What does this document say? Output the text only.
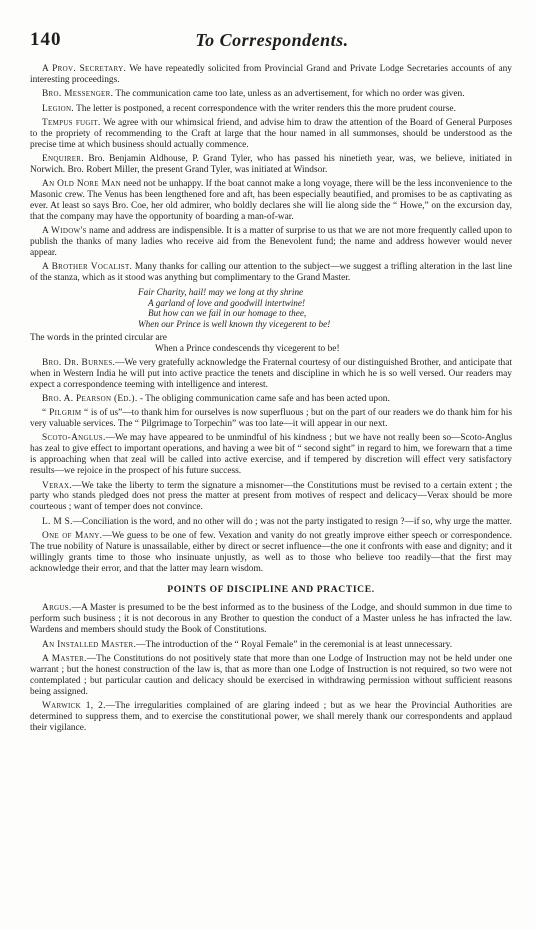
140	To Correspondents.

A Prov. Secretary. We have repeatedly solicited from Provincial Grand and Private Lodge Secretaries accounts of any interesting proceedings.

Bro. Messenger. The communication came too late, unless as an advertisement, for which no order was given.

Legion. The letter is postponed, a recent correspondence with the writer renders this the more prudent course.

Tempus fugit. We agree with our whimsical friend, and advise him to draw the attention of the Board of General Purposes to the propriety of recommending to the Craft at large that the hour named in all summonses, should be understood as the precise time at which business should actually commence.

Enquirer. Bro. Benjamin Aldhouse, P. Grand Tyler, who has passed his ninetieth year, was, we believe, initiated in Norwich. Bro. Robert Miller, the present Grand Tyler, was initiated at Windsor.

An Old Nore Man need not be unhappy. If the boat cannot make a long voyage, there will be the less inconvenience to the Masonic crew. The Venus has been lengthened fore and aft, has been especially beautified, and promises to be as captivating as ever. At least so says Bro. Coe, her old admirer, who boldly declares she will lie along side the “ Howe,” on the excursion day, that the company may have the opportunity of boarding a man-of-war.

A Widow's name and address are indispensible. It is a matter of surprise to us that we are not more frequently called upon to publish the thanks of many ladies who receive aid from the Benevolent fund; the name and address however would never appear.

A Brother Vocalist. Many thanks for calling our attention to the subject—we suggest a trifling alteration in the last line of the stanza, which as it stood was anything but complimentary to the Grand Master.

Fair Charity, hail! may we long at thy shrine
A garland of love and goodwill intertwine!
But how can we fail in our homage to thee,
When our Prince is well known thy vicegerent to be!

The words in the printed circular are

When a Prince condescends thy vicegerent to be!

Bro. Dr. Burnes.—We very gratefully acknowledge the Fraternal courtesy of our distinguished Brother, and anticipate that when in Western India he will put into active practice the tenets and discipline in which he is so well versed. Our readers may expect a correspondence teeming with intelligence and interest.

Bro. A. Pearson (Ed.). - The obliging communication came safe and has been acted upon.

“ Pilgrim “ is of us”—to thank him for ourselves is now superfluous ; but on the part of our readers we do thank him for his very valuable services. The “ Pilgrimage to Torpechin” was too late—it will appear in our next.

Scoto-Anglus.—We may have appeared to be unmindful of his kindness ; but we have not really been so—Scoto-Anglus has zeal to give effect to important operations, and having a wee bit of “ second sight” in regard to him, we forewarn that a time is approaching when that zeal will be called into active exercise, and if tempered by discretion will effect very satisfactory results—we rejoice in the prospect of his future success.

Verax.—We take the liberty to term the signature a misnomer—the Constitutions must be revised to a certain extent ; the party who stands pledged does not press the matter at present from motives of respect and delicacy—Verax should be more courteous ; want of temper does not convince.

L. M S.—Conciliation is the word, and no other will do ; was not the party instigated to resign ?—if so, why urge the matter.

One of Many.—We guess to be one of few. Vexation and vanity do not greatly improve either speech or correspondence. The true nobility of Nature is unassailable, either by direct or secret influence—the one it confronts with ease and dignity; and it willingly grants time to those who insinuate unjustly, as well as to those who believe too readily—that the first may acknowledge their error, and that the latter may learn wisdom.

POINTS OF DISCIPLINE AND PRACTICE.

Argus.—A Master is presumed to be the best informed as to the business of the Lodge, and should summon in due time to perform such business ; it is not decorous in any Brother to question the conduct of a Master unless he has infracted the law. Wardens and members should study the Book of Constitutions.

An Installed Master.—The introduction of the “ Royal Female” in the ceremonial is at least unnecessary.

A Master.—The Constitutions do not positively state that more than one Lodge of Instruction may not be held under one warrant ; but the honest construction of the law is, that as more than one Lodge of Instruction is not required, so two were not contemplated ; but particular caution and delicacy should be exercised in withdrawing permission without sufficient reasons being assigned.

Warwick 1, 2.—The irregularities complained of are glaring indeed ; but as we hear the Provincial Authorities are determined to suppress them, and to exercise the constitutional power, we shall merely thank our correspondents and applaud their vigilance.
